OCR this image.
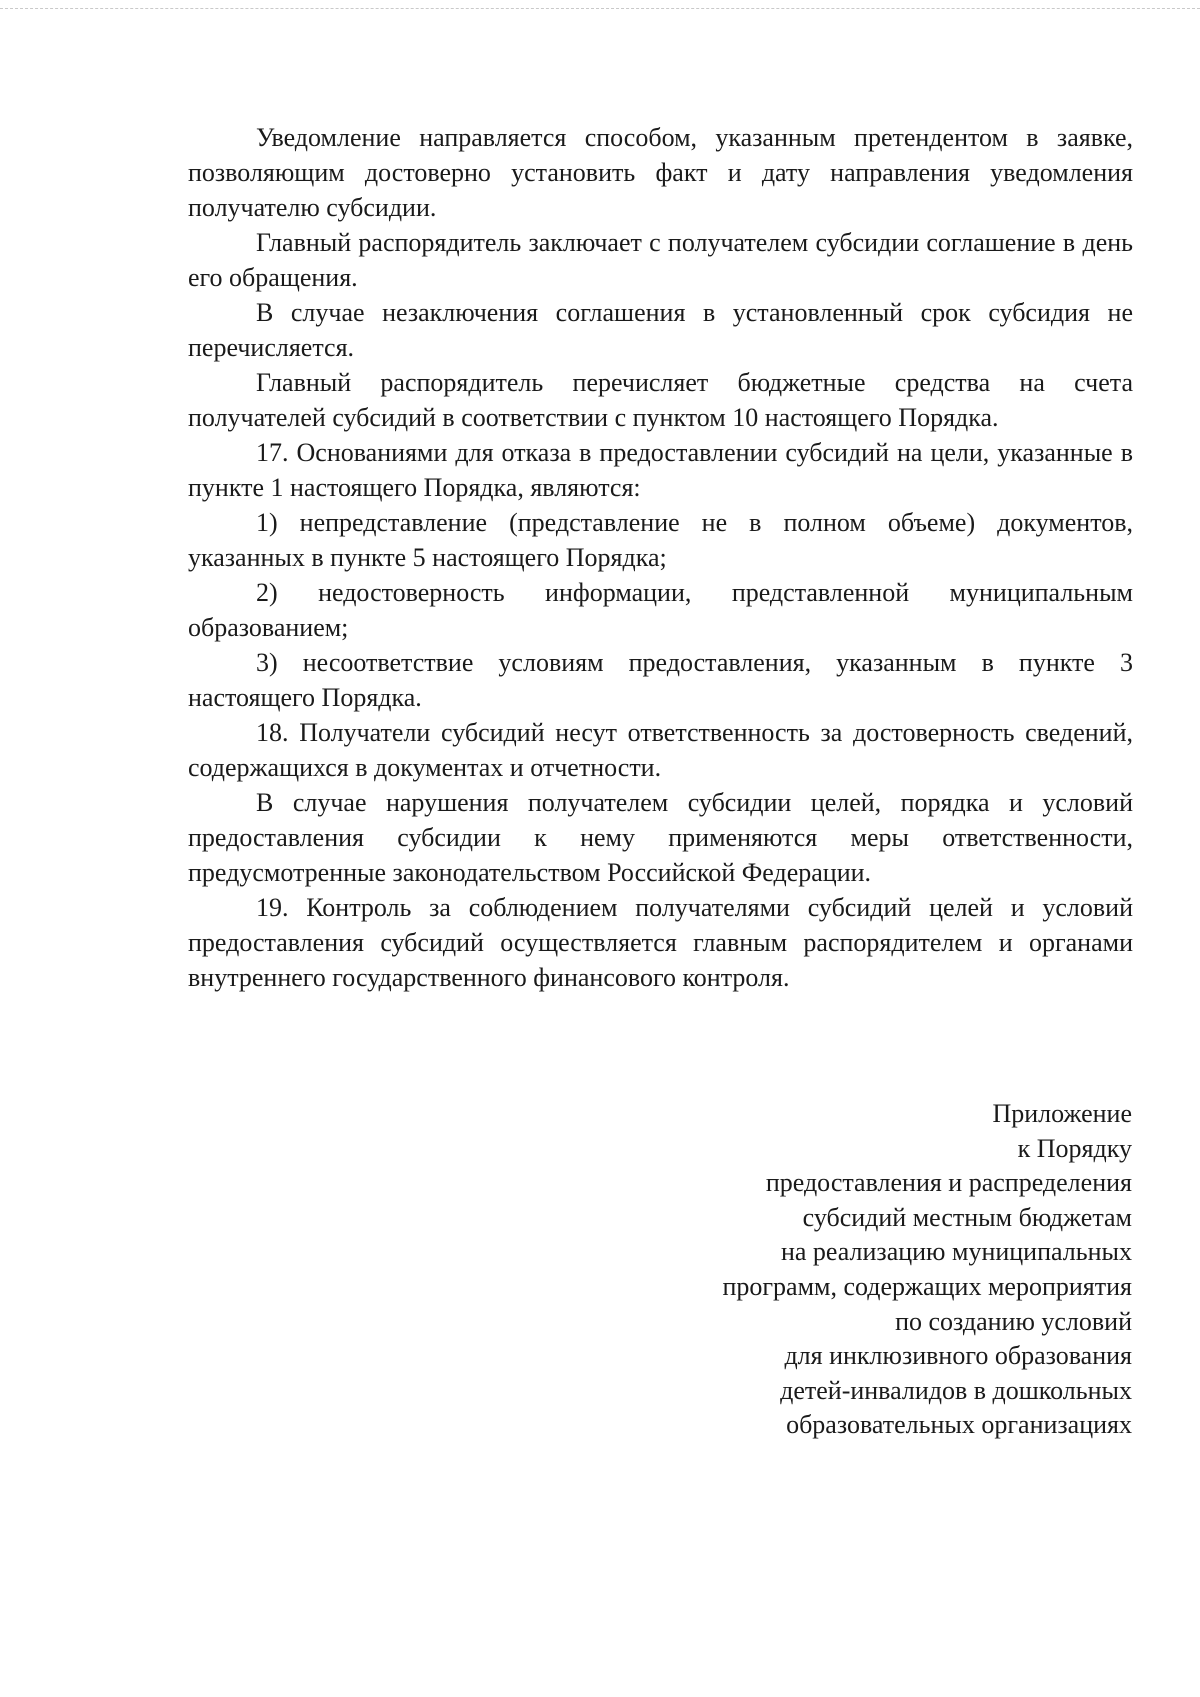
Уведомление направляется способом, указанным претендентом в заявке, позволяющим достоверно установить факт и дату направления уведомления получателю субсидии.

Главный распорядитель заключает с получателем субсидии соглашение в день его обращения.

В случае незаключения соглашения в установленный срок субсидия не перечисляется.

Главный распорядитель перечисляет бюджетные средства на счета получателей субсидий в соответствии с пунктом 10 настоящего Порядка.

17. Основаниями для отказа в предоставлении субсидий на цели, указанные в пункте 1 настоящего Порядка, являются:

1) непредставление (представление не в полном объеме) документов, указанных в пункте 5 настоящего Порядка;

2) недостоверность информации, представленной муниципальным образованием;

3) несоответствие условиям предоставления, указанным в пункте 3 настоящего Порядка.

18. Получатели субсидий несут ответственность за достоверность сведений, содержащихся в документах и отчетности.

В случае нарушения получателем субсидии целей, порядка и условий предоставления субсидии к нему применяются меры ответственности, предусмотренные законодательством Российской Федерации.

19. Контроль за соблюдением получателями субсидий целей и условий предоставления субсидий осуществляется главным распорядителем и органами внутреннего государственного финансового контроля.

Приложение
к Порядку
предоставления и распределения
субсидий местным бюджетам
на реализацию муниципальных
программ, содержащих мероприятия
по созданию условий
для инклюзивного образования
детей-инвалидов в дошкольных
образовательных организациях
